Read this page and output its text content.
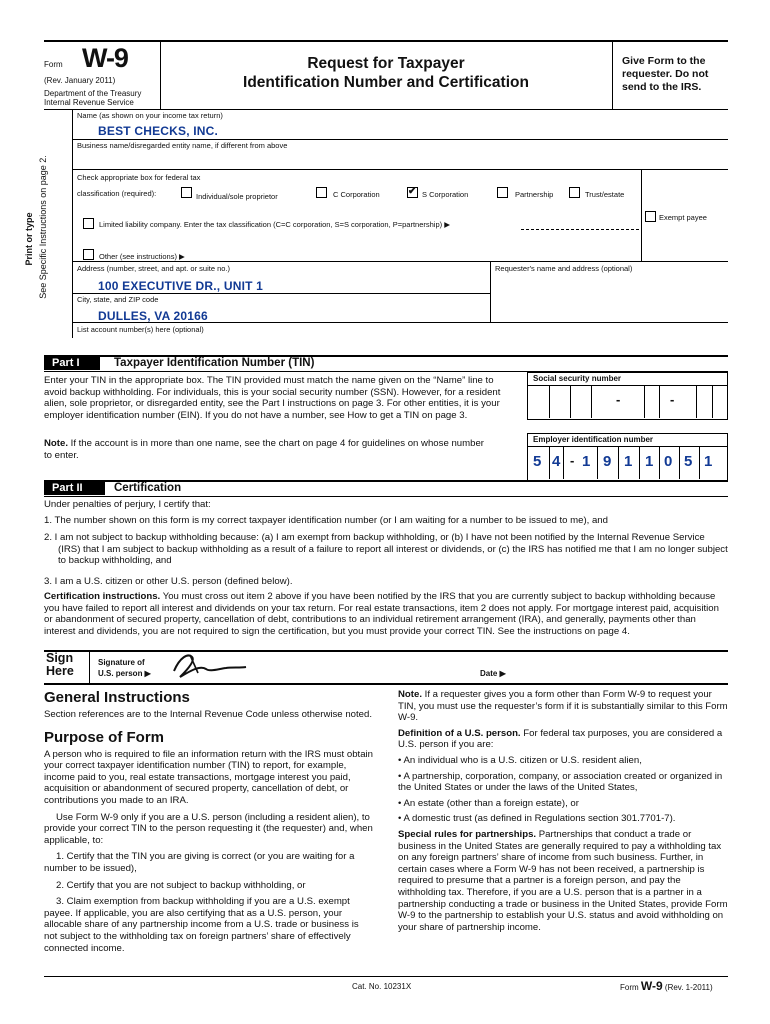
Form W-9
(Rev. January 2011)
Department of the Treasury
Internal Revenue Service
Request for Taxpayer
Identification Number and Certification
Give Form to the requester. Do not send to the IRS.
Print or type See Specific Instructions on page 2.
Name (as shown on your income tax return)
BEST CHECKS, INC.
Business name/disregarded entity name, if different from above
Check appropriate box for federal tax
classification (required):	Individual/sole proprietor	C Corporation	✔ S Corporation	Partnership	Trust/estate
Exempt payee
Limited liability company. Enter the tax classification (C=C corporation, S=S corporation, P=partnership) ▶
Other (see instructions) ▶
Address (number, street, and apt. or suite no.)
100 EXECUTIVE DR., UNIT 1
Requester's name and address (optional)
City, state, and ZIP code
DULLES, VA 20166
List account number(s) here (optional)
Part I	Taxpayer Identification Number (TIN)
Enter your TIN in the appropriate box. The TIN provided must match the name given on the “Name” line to avoid backup withholding. For individuals, this is your social security number (SSN). However, for a resident alien, sole proprietor, or disregarded entity, see the Part I instructions on page 3. For other entities, it is your employer identification number (EIN). If you do not have a number, see How to get a TIN on page 3.
Note. If the account is in more than one name, see the chart on page 4 for guidelines on whose number to enter.
Social security number
-	-
Employer identification number
5 4 - 1 9 1 1 0 5 1
Part II	Certification
Under penalties of perjury, I certify that:
1. The number shown on this form is my correct taxpayer identification number (or I am waiting for a number to be issued to me), and
2. I am not subject to backup withholding because: (a) I am exempt from backup withholding, or (b) I have not been notified by the Internal Revenue Service (IRS) that I am subject to backup withholding as a result of a failure to report all interest or dividends, or (c) the IRS has notified me that I am no longer subject to backup withholding, and
3. I am a U.S. citizen or other U.S. person (defined below).
Certification instructions. You must cross out item 2 above if you have been notified by the IRS that you are currently subject to backup withholding because you have failed to report all interest and dividends on your tax return. For real estate transactions, item 2 does not apply. For mortgage interest paid, acquisition or abandonment of secured property, cancellation of debt, contributions to an individual retirement arrangement (IRA), and generally, payments other than interest and dividends, you are not required to sign the certification, but you must provide your correct TIN. See the instructions on page 4.
Sign
Here
Signature of
U.S. person ▶	Date ▶
General Instructions

Section references are to the Internal Revenue Code unless otherwise noted.

Purpose of Form

A person who is required to file an information return with the IRS must obtain your correct taxpayer identification number (TIN) to report, for example, income paid to you, real estate transactions, mortgage interest you paid, acquisition or abandonment of secured property, cancellation of debt, or contributions you made to an IRA.

Use Form W-9 only if you are a U.S. person (including a resident alien), to provide your correct TIN to the person requesting it (the requester) and, when applicable, to:

1. Certify that the TIN you are giving is correct (or you are waiting for a number to be issued),

2. Certify that you are not subject to backup withholding, or

3. Claim exemption from backup withholding if you are a U.S. exempt payee. If applicable, you are also certifying that as a U.S. person, your allocable share of any partnership income from a U.S. trade or business is not subject to the withholding tax on foreign partners’ share of effectively connected income.

Note. If a requester gives you a form other than Form W-9 to request your TIN, you must use the requester’s form if it is substantially similar to this Form W-9.

Definition of a U.S. person. For federal tax purposes, you are considered a U.S. person if you are:

• An individual who is a U.S. citizen or U.S. resident alien,

• A partnership, corporation, company, or association created or organized in the United States or under the laws of the United States,

• An estate (other than a foreign estate), or

• A domestic trust (as defined in Regulations section 301.7701-7).

Special rules for partnerships. Partnerships that conduct a trade or business in the United States are generally required to pay a withholding tax on any foreign partners’ share of income from such business. Further, in certain cases where a Form W-9 has not been received, a partnership is required to presume that a partner is a foreign person, and pay the withholding tax. Therefore, if you are a U.S. person that is a partner in a partnership conducting a trade or business in the United States, provide Form W-9 to the partnership to establish your U.S. status and avoid withholding on your share of partnership income.

Cat. No. 10231X	Form W-9 (Rev. 1-2011)
